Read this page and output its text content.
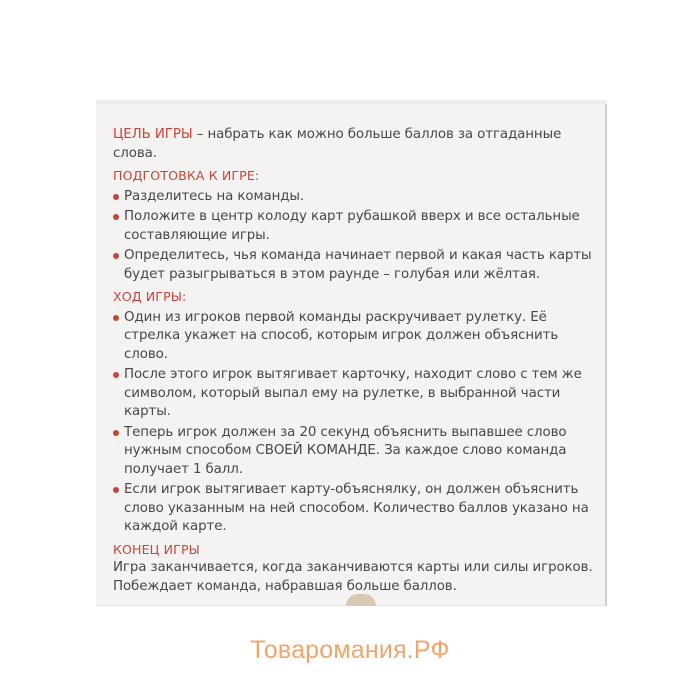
ЦЕЛЬ ИГРЫ – набрать как можно больше баллов за отгаданные слова.

ПОДГОТОВКА К ИГРЕ:
Разделитесь на команды.
Положите в центр колоду карт рубашкой вверх и все остальные составляющие игры.
Определитесь, чья команда начинает первой и какая часть карты будет разыгрываться в этом раунде – голубая или жёлтая.
ХОД ИГРЫ:
Один из игроков первой команды раскручивает рулетку. Её стрелка укажет на способ, которым игрок должен объяснить слово.
После этого игрок вытягивает карточку, находит слово с тем же символом, который выпал ему на рулетке, в выбранной части карты.
Теперь игрок должен за 20 секунд объяснить выпавшее слово нужным способом СВОЕЙ КОМАНДЕ. За каждое слово команда получает 1 балл.
Если игрок вытягивает карту-объяснялку, он должен объяснить слово указанным на ней способом. Количество баллов указано на каждой карте.
КОНЕЦ ИГРЫ

Игра заканчивается, когда заканчиваются карты или силы игроков. Побеждает команда, набравшая больше баллов.

Товаромания.РФ
